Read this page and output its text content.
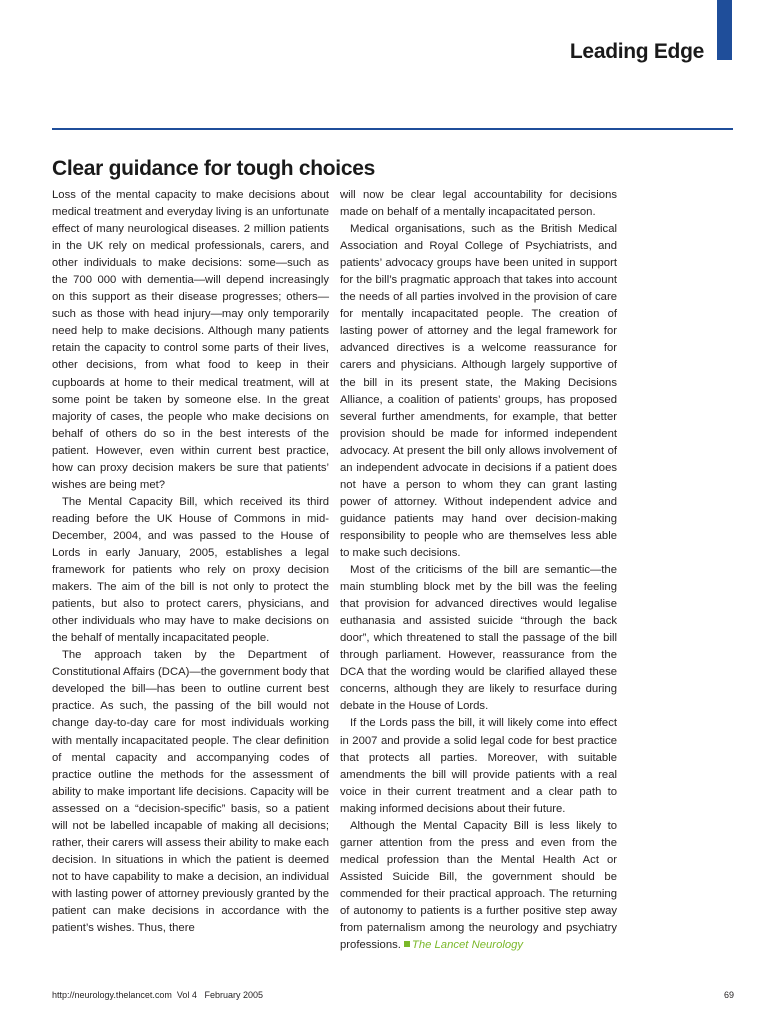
Leading Edge
Clear guidance for tough choices

Loss of the mental capacity to make decisions about medical treatment and everyday living is an unfortunate effect of many neurological diseases. 2 million patients in the UK rely on medical professionals, carers, and other individuals to make decisions: some—such as the 700 000 with dementia—will depend increasingly on this support as their disease progresses; others—such as those with head injury—may only temporarily need help to make decisions. Although many patients retain the capacity to control some parts of their lives, other decisions, from what food to keep in their cupboards at home to their medical treatment, will at some point be taken by someone else. In the great majority of cases, the people who make decisions on behalf of others do so in the best interests of the patient. However, even within current best practice, how can proxy decision makers be sure that patients’ wishes are being met?

The Mental Capacity Bill, which received its third reading before the UK House of Commons in mid-December, 2004, and was passed to the House of Lords in early January, 2005, establishes a legal framework for patients who rely on proxy decision makers. The aim of the bill is not only to protect the patients, but also to protect carers, physicians, and other individuals who may have to make decisions on the behalf of mentally incapacitated people.

The approach taken by the Department of Constitutional Affairs (DCA)—the government body that developed the bill—has been to outline current best practice. As such, the passing of the bill would not change day-to-day care for most individuals working with mentally incapacitated people. The clear definition of mental capacity and accompanying codes of practice outline the methods for the assessment of ability to make important life decisions. Capacity will be assessed on a “decision-specific” basis, so a patient will not be labelled incapable of making all decisions; rather, their carers will assess their ability to make each decision. In situations in which the patient is deemed not to have capability to make a decision, an individual with lasting power of attorney previously granted by the patient can make decisions in accordance with the patient’s wishes. Thus, there

will now be clear legal accountability for decisions made on behalf of a mentally incapacitated person.

Medical organisations, such as the British Medical Association and Royal College of Psychiatrists, and patients’ advocacy groups have been united in support for the bill’s pragmatic approach that takes into account the needs of all parties involved in the provision of care for mentally incapacitated people. The creation of lasting power of attorney and the legal framework for advanced directives is a welcome reassurance for carers and physicians. Although largely supportive of the bill in its present state, the Making Decisions Alliance, a coalition of patients’ groups, has proposed several further amendments, for example, that better provision should be made for informed independent advocacy. At present the bill only allows involvement of an independent advocate in decisions if a patient does not have a person to whom they can grant lasting power of attorney. Without independent advice and guidance patients may hand over decision-making responsibility to people who are themselves less able to make such decisions.

Most of the criticisms of the bill are semantic—the main stumbling block met by the bill was the feeling that provision for advanced directives would legalise euthanasia and assisted suicide “through the back door”, which threatened to stall the passage of the bill through parliament. However, reassurance from the DCA that the wording would be clarified allayed these concerns, although they are likely to resurface during debate in the House of Lords.

If the Lords pass the bill, it will likely come into effect in 2007 and provide a solid legal code for best practice that protects all parties. Moreover, with suitable amendments the bill will provide patients with a real voice in their current treatment and a clear path to making informed decisions about their future.

Although the Mental Capacity Bill is less likely to garner attention from the press and even from the medical profession than the Mental Health Act or Assisted Suicide Bill, the government should be commended for their practical approach. The returning of autonomy to patients is a further positive step away from paternalism among the neurology and psychiatry professions. The Lancet Neurology

http://neurology.thelancet.com Vol 4   February 2005	69
